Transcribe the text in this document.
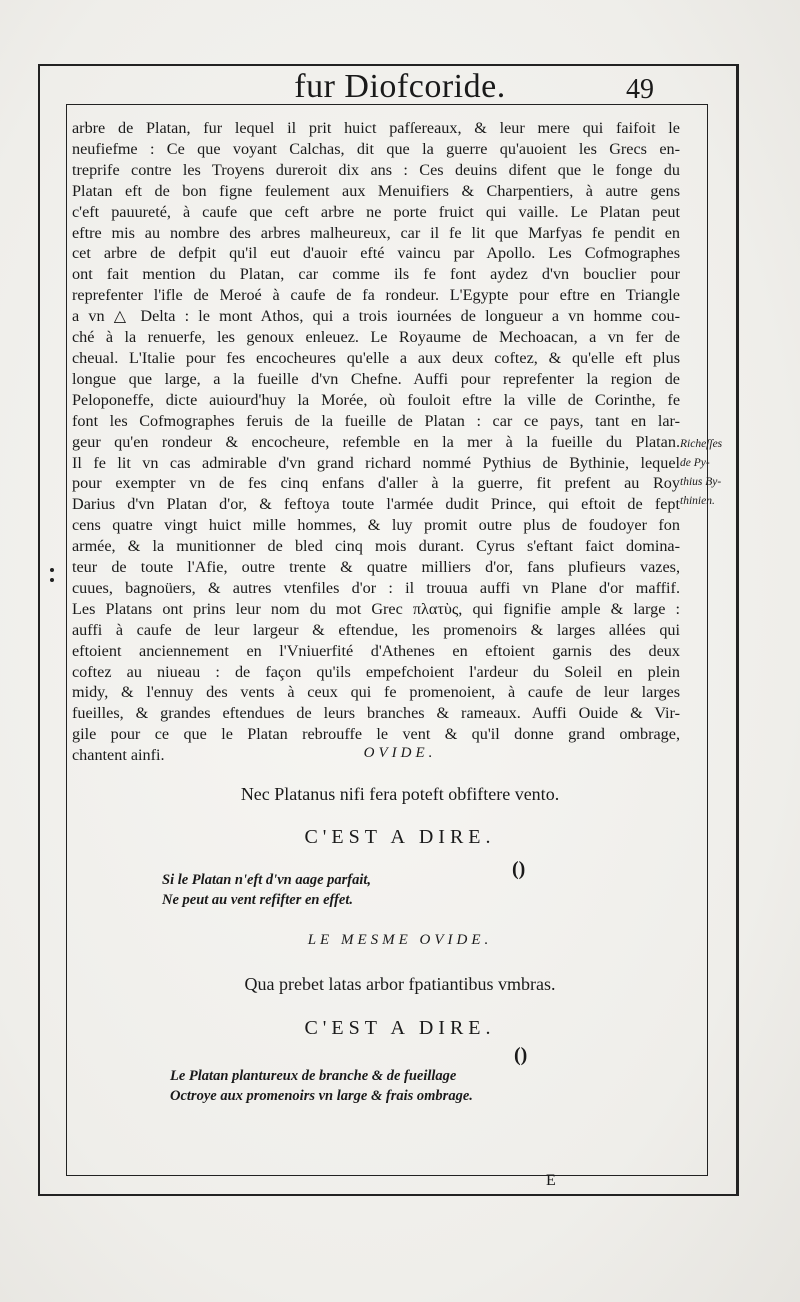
fur Diofcoride.	49
arbre de Platan, fur lequel il prit huict pafſereaux, & leur mere qui faifoit le
neufiefme : Ce que voyant Calchas, dit que la guerre qu'auoient les Grecs en-
treprife contre les Troyens dureroit dix ans : Ces deuins difent que le fonge du
Platan eft de bon figne feulement aux Menuifiers & Charpentiers, à autre gens
c'eft pauureté, à caufe que ceft arbre ne porte fruict qui vaille. Le Platan peut
eftre mis au nombre des arbres malheureux, car il fe lit que Marfyas fe pendit en
cet arbre de defpit qu'il eut d'auoir efté vaincu par Apollo. Les Cofmographes
ont fait mention du Platan, car comme ils fe font aydez d'vn bouclier pour
reprefenter l'ifle de Meroé à caufe de fa rondeur. L'Egypte pour eftre en Triangle
a vn △ Delta : le mont Athos, qui a trois iournées de longueur a vn homme cou-
ché à la renuerfe, les genoux enleuez. Le Royaume de Mechoacan, a vn fer de
cheual. L'Italie pour fes encocheures qu'elle a aux deux coftez, & qu'elle eft plus
longue que large, a la fueille d'vn Chefne. Auffi pour reprefenter la region de
Peloponeffe, dicte auiourd'huy la Morée, où fouloit eftre la ville de Corinthe, fe
font les Cofmographes feruis de la fueille de Platan : car ce pays, tant en lar-
geur qu'en rondeur & encocheure, refemble en la mer à la fueille du Platan.
Il fe lit vn cas admirable d'vn grand richard nommé Pythius de Bythinie, lequel
pour exempter vn de fes cinq enfans d'aller à la guerre, fit prefent au Roy
Darius d'vn Platan d'or, & feftoya toute l'armée dudit Prince, qui eftoit de fept
cens quatre vingt huict mille hommes, & luy promit outre plus de foudoyer fon
armée, & la munitionner de bled cinq mois durant. Cyrus s'eftant faict domina-
teur de toute l'Afie, outre trente & quatre milliers d'or, fans plufieurs vazes,
cuues, bagnoüers, & autres vtenfiles d'or : il trouua auffi vn Plane d'or maffif.
Les Platans ont prins leur nom du mot Grec πλατὺς, qui fignifie ample & large :
auffi à caufe de leur largeur & eftendue, les promenoirs & larges allées qui
eftoient anciennement en l'Vniuerfité d'Athenes en eftoient garnis des deux
coftez au niueau : de façon qu'ils empefchoient l'ardeur du Soleil en plein
midy, & l'ennuy des vents à ceux qui fe promenoient, à caufe de leur larges
fueilles, & grandes eftendues de leurs branches & rameaux. Auffi Ouide & Vir-
gile pour ce que le Platan rebrouffe le vent & qu'il donne grand ombrage,
chantent ainfi.
Richeſſes
de Py-
thius By-
thinien.
OVIDE.
Nec Platanus nifi fera poteft obfiftere vento.
C'EST A DIRE.
()
Si le Platan n'eft d'vn aage parfait,
Ne peut au vent refifter en effet.
LE MESME OVIDE.
Qua prebet latas arbor fpatiantibus vmbras.
C'EST A DIRE.
()
Le Platan plantureux de branche & de fueillage
Octroye aux promenoirs vn large & frais ombrage.
E
